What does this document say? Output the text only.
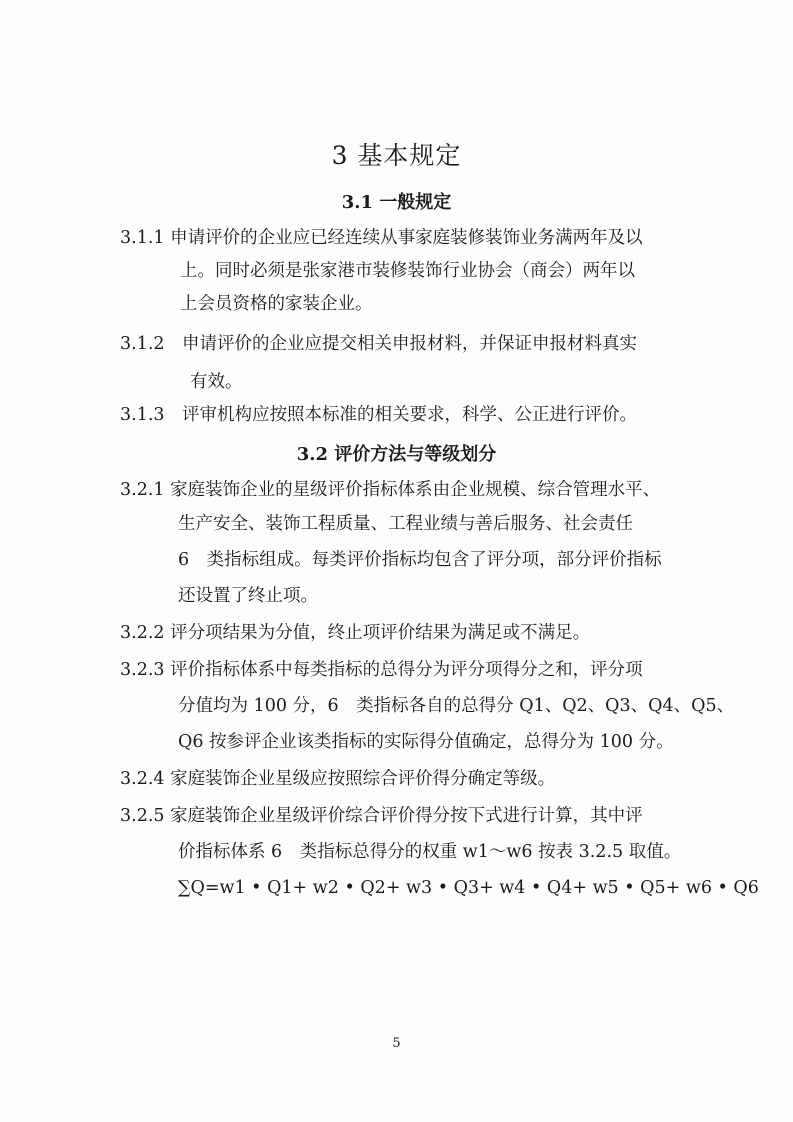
3 基本规定
3.1 一般规定
3.1.1 申请评价的企业应已经连续从事家庭装修装饰业务满两年及以
上。同时必须是张家港市装修装饰行业协会（商会）两年以
上会员资格的家装企业。
3.1.2　申请评价的企业应提交相关申报材料，并保证申报材料真实
有效。
3.1.3　评审机构应按照本标准的相关要求，科学、公正进行评价。
3.2 评价方法与等级划分
3.2.1 家庭装饰企业的星级评价指标体系由企业规模、综合管理水平、
生产安全、装饰工程质量、工程业绩与善后服务、社会责任
6　类指标组成。每类评价指标均包含了评分项，部分评价指标
还设置了终止项。
3.2.2 评分项结果为分值，终止项评价结果为满足或不满足。
3.2.3 评价指标体系中每类指标的总得分为评分项得分之和，评分项
分值均为 100 分，6　类指标各自的总得分 Q1、Q2、Q3、Q4、Q5、
Q6 按参评企业该类指标的实际得分值确定，总得分为 100 分。
3.2.4 家庭装饰企业星级应按照综合评价得分确定等级。
3.2.5 家庭装饰企业星级评价综合评价得分按下式进行计算，其中评
价指标体系 6　类指标总得分的权重 w1～w6 按表 3.2.5 取值。
∑Q=w1 • Q1+ w2 • Q2+ w3 • Q3+ w4 • Q4+ w5 • Q5+ w6 • Q6
5
